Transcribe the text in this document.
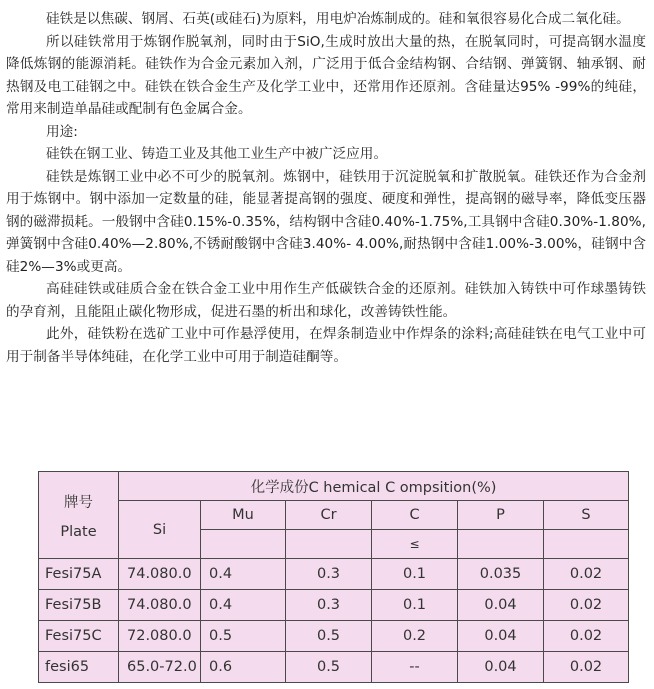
硅铁是以焦碳、钢屑、石英(或硅石)为原料，用电炉冶炼制成的。硅和氧很容易化合成二氧化硅。

所以硅铁常用于炼钢作脱氧剂，同时由于SiO,生成时放出大量的热，在脱氧同时，可提高钢水温度降低炼钢的能源消耗。硅铁作为合金元素加入剂，广泛用于低合金结构钢、合结钢、弹簧钢、轴承钢、耐热钢及电工硅钢之中。硅铁在铁合金生产及化学工业中，还常用作还原剂。含硅量达95% -99%的纯硅，常用来制造单晶硅或配制有色金属合金。

用途:

硅铁在钢工业、铸造工业及其他工业生产中被广泛应用。

硅铁是炼钢工业中必不可少的脱氧剂。炼钢中，硅铁用于沉淀脱氧和扩散脱氧。硅铁还作为合金剂用于炼钢中。钢中添加一定数量的硅，能显著提高钢的强度、硬度和弹性，提高钢的磁导率，降低变压器钢的磁滞损耗。一般钢中含硅0.15%-0.35%，结构钢中含硅0.40%-1.75%,工具钢中含硅0.30%-1.80%,弹簧钢中含硅0.40%—2.80%,不锈耐酸钢中含硅3.40%- 4.00%,耐热钢中含硅1.00%-3.00%，硅钢中含硅2%—3%或更高。

高硅硅铁或硅质合金在铁合金工业中用作生产低碳铁合金的还原剂。硅铁加入铸铁中可作球墨铸铁的孕育剂，且能阻止碳化物形成，促进石墨的析出和球化，改善铸铁性能。

此外，硅铁粉在选矿工业中可作悬浮使用，在焊条制造业中作焊条的涂料;高硅硅铁在电气工业中可用于制备半导体纯硅，在化学工业中可用于制造硅酮等。

牌号
Plate	化学成份C hemical C ompsition(%)					
	Si	Mu	Cr	C	P	S
				≤		
Fesi75A	74.080.0	0.4	0.3	0.1	0.035	0.02
Fesi75B	74.080.0	0.4	0.3	0.1	0.04	0.02
Fesi75C	72.080.0	0.5	0.5	0.2	0.04	0.02
fesi65	65.0-72.0	0.6	0.5	--	0.04	0.02
